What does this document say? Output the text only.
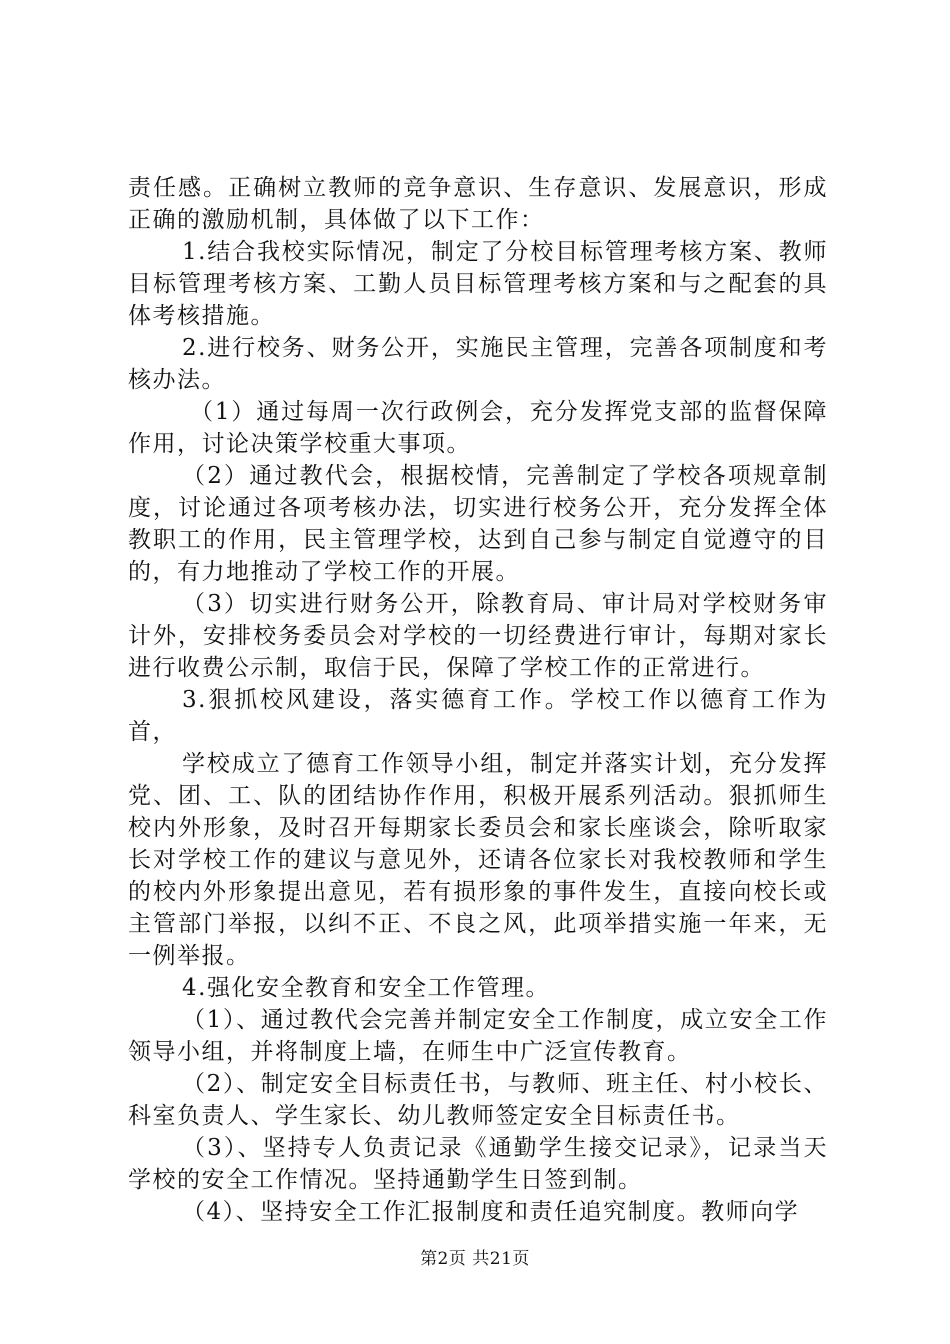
责任感。正确树立教师的竞争意识、生存意识、发展意识，形成正确的激励机制，具体做了以下工作：

1.结合我校实际情况，制定了分校目标管理考核方案、教师目标管理考核方案、工勤人员目标管理考核方案和与之配套的具体考核措施。

2.进行校务、财务公开，实施民主管理，完善各项制度和考核办法。

（1）通过每周一次行政例会，充分发挥党支部的监督保障作用，讨论决策学校重大事项。

（2）通过教代会，根据校情，完善制定了学校各项规章制度，讨论通过各项考核办法，切实进行校务公开，充分发挥全体教职工的作用，民主管理学校，达到自己参与制定自觉遵守的目的，有力地推动了学校工作的开展。

（3）切实进行财务公开，除教育局、审计局对学校财务审计外，安排校务委员会对学校的一切经费进行审计，每期对家长进行收费公示制，取信于民，保障了学校工作的正常进行。

3.狠抓校风建设，落实德育工作。学校工作以德育工作为首，

学校成立了德育工作领导小组，制定并落实计划，充分发挥党、团、工、队的团结协作作用，积极开展系列活动。狠抓师生校内外形象，及时召开每期家长委员会和家长座谈会，除听取家长对学校工作的建议与意见外，还请各位家长对我校教师和学生的校内外形象提出意见，若有损形象的事件发生，直接向校长或主管部门举报，以纠不正、不良之风，此项举措实施一年来，无一例举报。

4.强化安全教育和安全工作管理。

（1）、通过教代会完善并制定安全工作制度，成立安全工作领导小组，并将制度上墙，在师生中广泛宣传教育。

（2）、制定安全目标责任书，与教师、班主任、村小校长、科室负责人、学生家长、幼儿教师签定安全目标责任书。

（3）、坚持专人负责记录《通勤学生接交记录》，记录当天学校的安全工作情况。坚持通勤学生日签到制。

（4）、坚持安全工作汇报制度和责任追究制度。教师向学

第2页 共21页
